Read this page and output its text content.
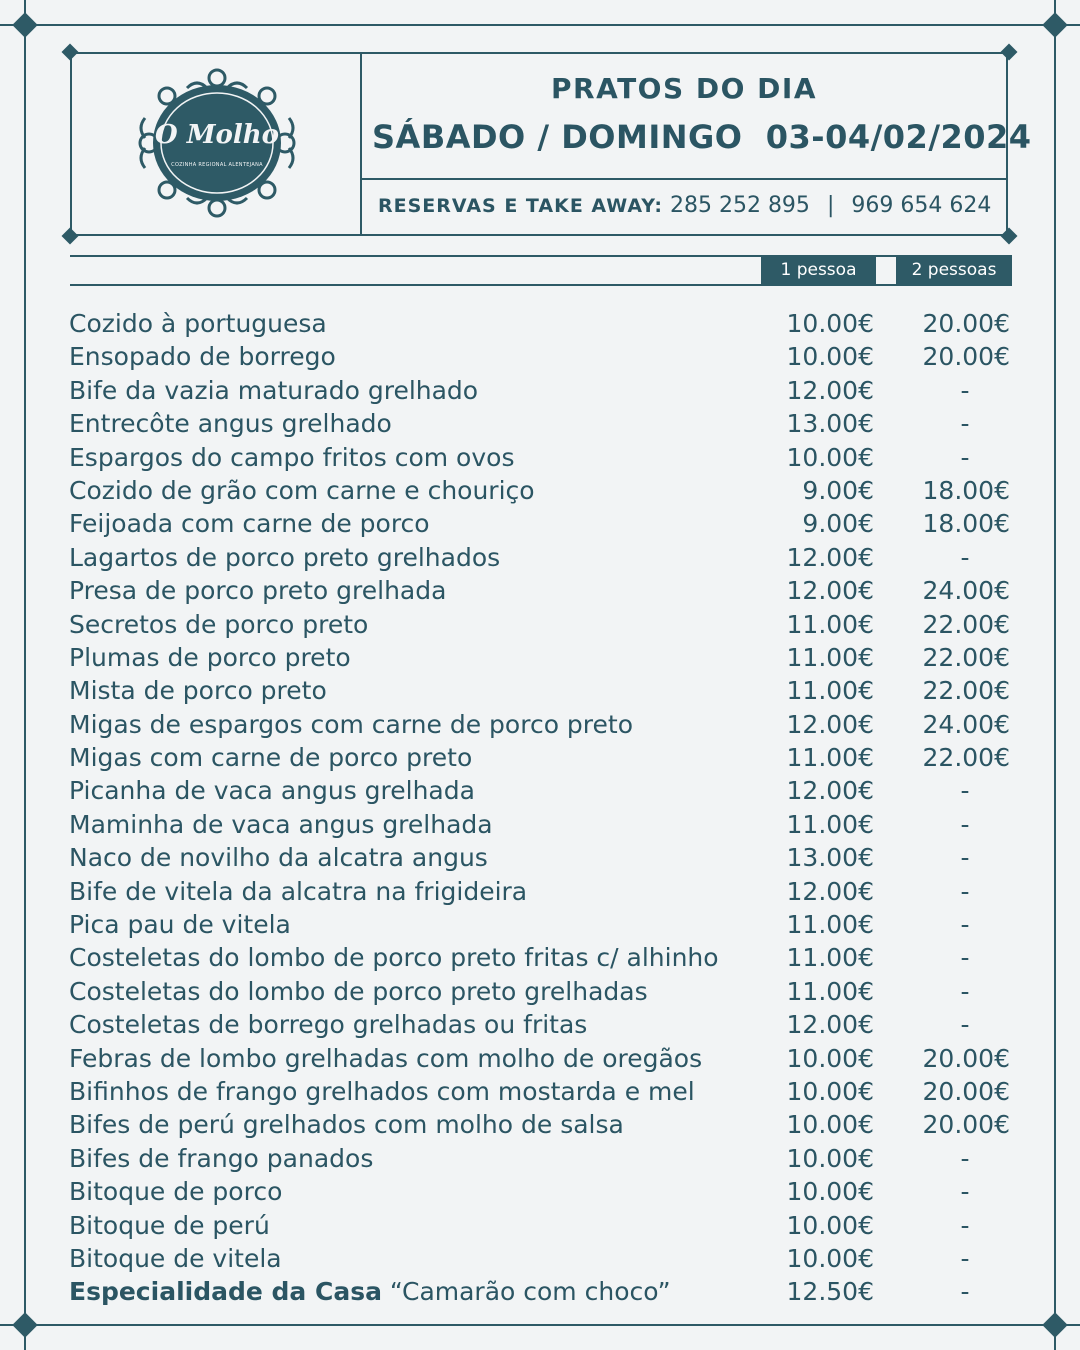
O Molho
COZINHA REGIONAL ALENTEJANA
PRATOS DO DIA
SÁBADO / DOMINGO  03-04/02/2024
RESERVAS E TAKE AWAY: 285 252 895 | 969 654 624
1 pessoa	2 pessoas
Cozido à portuguesa	10.00€ 20.00€
Ensopado de borrego	10.00€ 20.00€
Bife da vazia maturado grelhado	12.00€	-
Entrecôte angus grelhado	13.00€	-
Espargos do campo fritos com ovos	10.00€	-
Cozido de grão com carne e chouriço	9.00€ 18.00€
Feijoada com carne de porco	9.00€ 18.00€
Lagartos de porco preto grelhados	12.00€	-
Presa de porco preto grelhada	12.00€ 24.00€
Secretos de porco preto	11.00€ 22.00€
Plumas de porco preto	11.00€ 22.00€
Mista de porco preto	11.00€ 22.00€
Migas de espargos com carne de porco preto	12.00€ 24.00€
Migas com carne de porco preto	11.00€ 22.00€
Picanha de vaca angus grelhada	12.00€	-
Maminha de vaca angus grelhada	11.00€	-
Naco de novilho da alcatra angus	13.00€	-
Bife de vitela da alcatra na frigideira	12.00€	-
Pica pau de vitela	11.00€	-
Costeletas do lombo de porco preto fritas c/ alhinho	11.00€	-
Costeletas do lombo de porco preto grelhadas	11.00€	-
Costeletas de borrego grelhadas ou fritas	12.00€	-
Febras de lombo grelhadas com molho de oregãos	10.00€ 20.00€
Bifinhos de frango grelhados com mostarda e mel	10.00€ 20.00€
Bifes de perú grelhados com molho de salsa	10.00€ 20.00€
Bifes de frango panados	10.00€	-
Bitoque de porco	10.00€	-
Bitoque de perú	10.00€	-
Bitoque de vitela	10.00€	-
Especialidade da Casa “Camarão com choco”	12.50€	-
